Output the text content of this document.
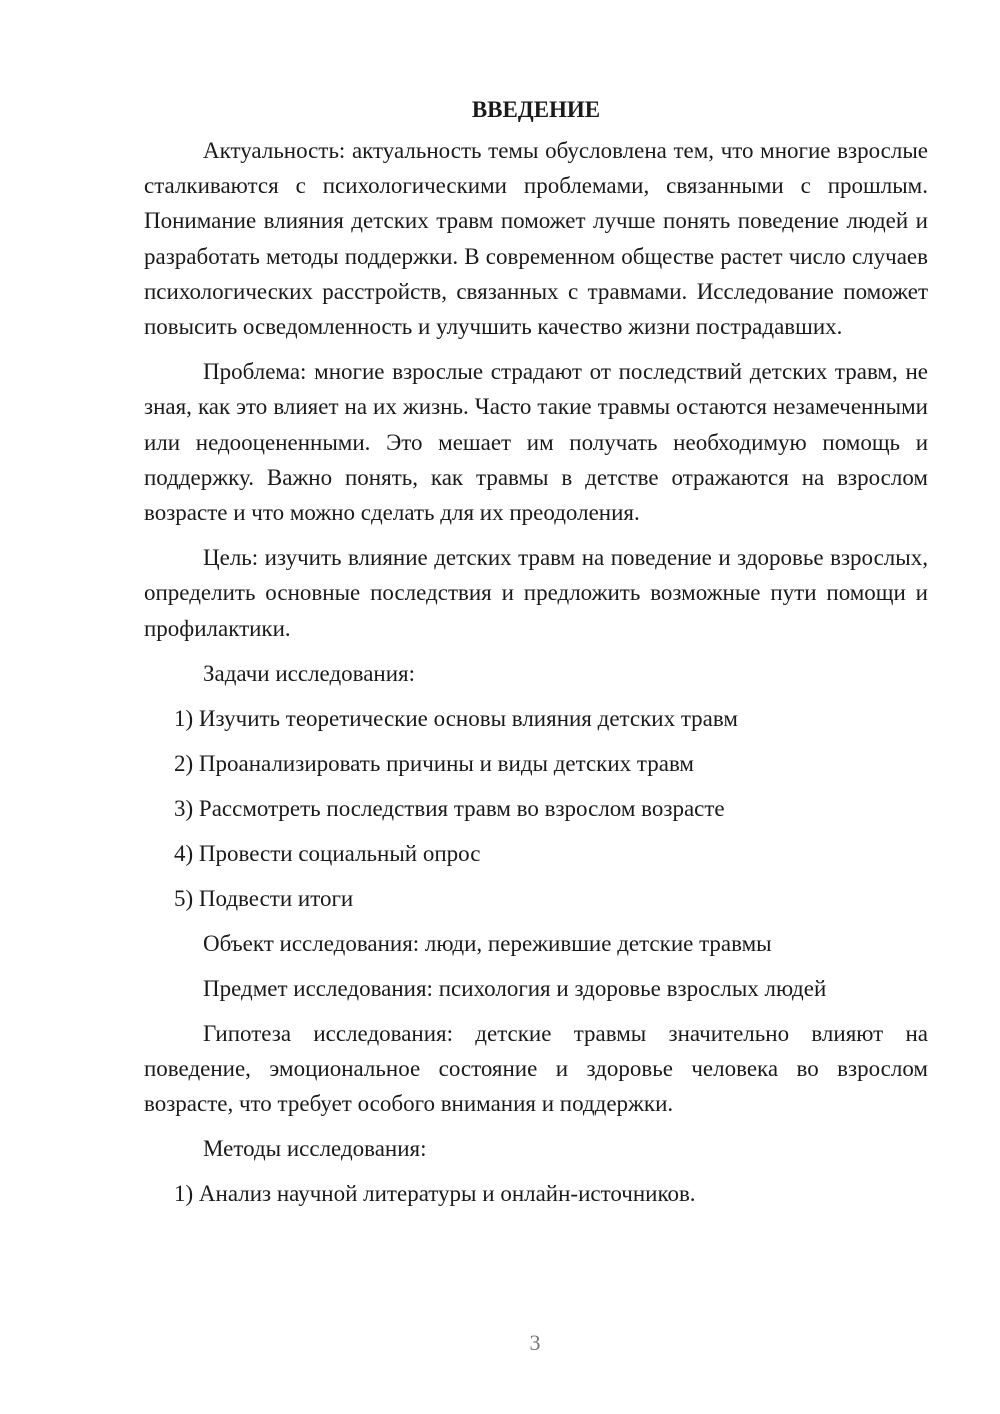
ВВЕДЕНИЕ

Актуальность: актуальность темы обусловлена тем, что многие взрослые сталкиваются с психологическими проблемами, связанными с прошлым. Понимание влияния детских травм поможет лучше понять поведение людей и разработать методы поддержки. В современном обществе растет число случаев психологических расстройств, связанных с травмами. Исследование поможет повысить осведомленность и улучшить качество жизни пострадавших.

Проблема: многие взрослые страдают от последствий детских травм, не зная, как это влияет на их жизнь. Часто такие травмы остаются незамеченными или недооцененными. Это мешает им получать необходимую помощь и поддержку. Важно понять, как травмы в детстве отражаются на взрослом возрасте и что можно сделать для их преодоления.

Цель: изучить влияние детских травм на поведение и здоровье взрослых, определить основные последствия и предложить возможные пути помощи и профилактики.

Задачи исследования:
1) Изучить теоретические основы влияния детских травм
2) Проанализировать причины и виды детских травм
3) Рассмотреть последствия травм во взрослом возрасте
4) Провести социальный опрос
5) Подвести итоги
Объект исследования: люди, пережившие детские травмы
Предмет исследования: психология и здоровье взрослых людей

Гипотеза исследования: детские травмы значительно влияют на поведение, эмоциональное состояние и здоровье человека во взрослом возрасте, что требует особого внимания и поддержки.

Методы исследования:
1) Анализ научной литературы и онлайн-источников.
3
